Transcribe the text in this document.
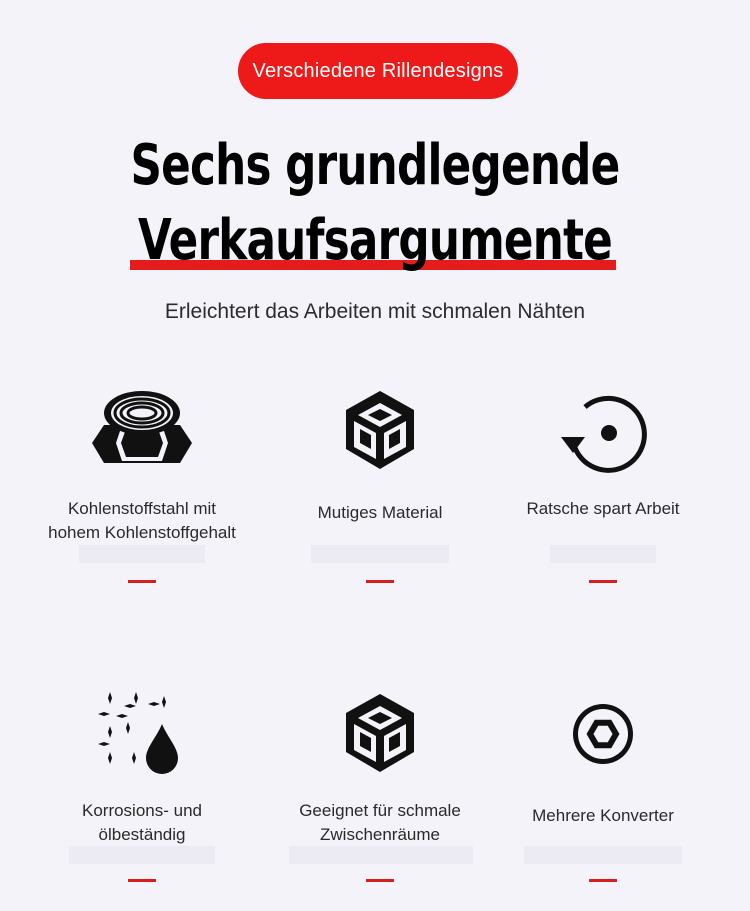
Verschiedene Rillendesigns
Sechs grundlegende
Verkaufsargumente
Erleichtert das Arbeiten mit schmalen Nähten
Kohlenstoffstahl mit
hohem Kohlenstoffgehalt
Mutiges Material	Ratsche spart Arbeit
Korrosions- und
ölbeständig
Geeignet für schmale
Zwischenräume
Mehrere Konverter
